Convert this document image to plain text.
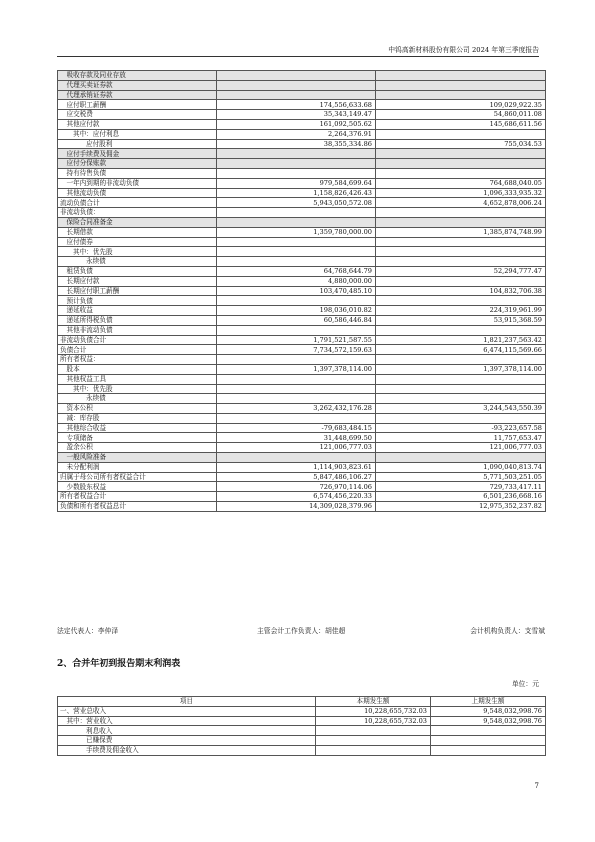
中钨高新材料股份有限公司 2024 年第三季度报告
吸收存款及同业存放		
代理买卖证券款		
代理承销证券款		
应付职工薪酬	174,556,633.68	109,029,922.35
应交税费	35,343,149.47	54,860,011.08
其他应付款	161,092,505.62	145,686,611.56
其中：应付利息	2,264,376.91	
应付股利	38,355,334.86	755,034.53
应付手续费及佣金		
应付分保账款		
持有待售负债		
一年内到期的非流动负债	979,584,699.64	764,688,040.05
其他流动负债	1,158,826,426.43	1,096,333,935.32
流动负债合计	5,943,050,572.08	4,652,878,006.24
非流动负债：		
保险合同准备金		
长期借款	1,359,780,000.00	1,385,874,748.99
应付债券		
其中：优先股		
永续债		
租赁负债	64,768,644.79	52,294,777.47
长期应付款	4,880,000.00	
长期应付职工薪酬	103,470,485.10	104,832,706.38
预计负债		
递延收益	198,036,010.82	224,319,961.99
递延所得税负债	60,586,446.84	53,915,368.59
其他非流动负债		
非流动负债合计	1,791,521,587.55	1,821,237,563.42
负债合计	7,734,572,159.63	6,474,115,569.66
所有者权益：		
股本	1,397,378,114.00	1,397,378,114.00
其他权益工具		
其中：优先股		
永续债		
资本公积	3,262,432,176.28	3,244,543,550.39
减：库存股		
其他综合收益	-79,683,484.15	-93,223,657.58
专项储备	31,448,699.50	11,757,653.47
盈余公积	121,006,777.03	121,006,777.03
一般风险准备		
未分配利润	1,114,903,823.61	1,090,040,813.74
归属于母公司所有者权益合计	5,847,486,106.27	5,771,503,251.05
少数股东权益	726,970,114.06	729,733,417.11
所有者权益合计	6,574,456,220.33	6,501,236,668.16
负债和所有者权益总计	14,309,028,379.96	12,975,352,237.82
法定代表人：李仲泽	主管会计工作负责人：胡佳超	会计机构负责人：支雪斌
2、合并年初到报告期末利润表
单位：元
项目	本期发生额	上期发生额
一、营业总收入	10,228,655,732.03	9,548,032,998.76
其中：营业收入	10,228,655,732.03	9,548,032,998.76
利息收入		
已赚保费		
手续费及佣金收入		
7
